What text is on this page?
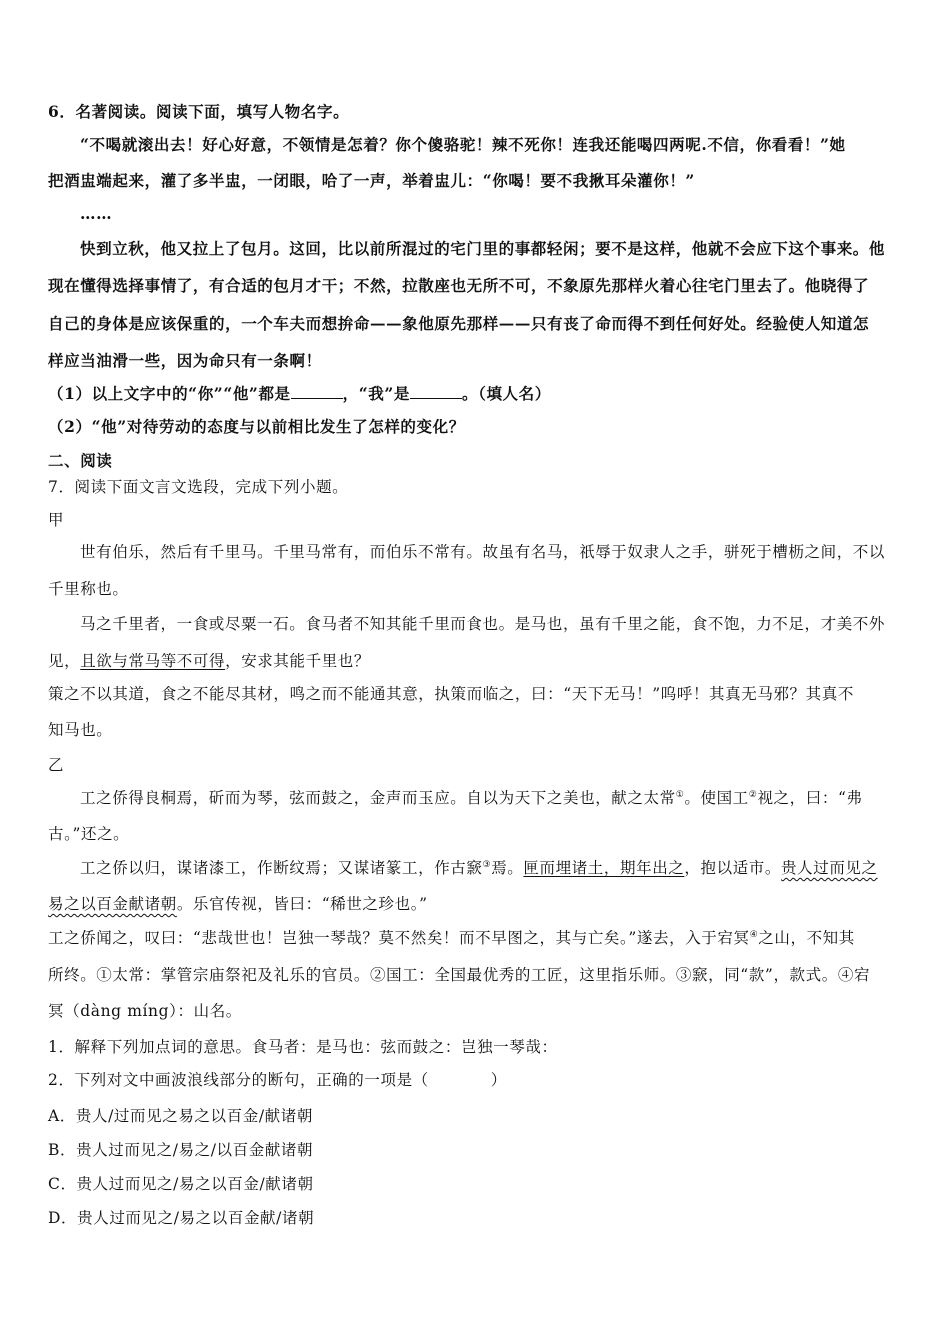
6．名著阅读。阅读下面，填写人物名字。
“不喝就滚出去！好心好意，不领情是怎着？你个傻骆驼！辣不死你！连我还能喝四两呢.不信，你看看！”她
把酒盅端起来，灌了多半盅，一闭眼，哈了一声，举着盅儿：“你喝！要不我揪耳朵灌你！”
……
快到立秋，他又拉上了包月。这回，比以前所混过的宅门里的事都轻闲；要不是这样，他就不会应下这个事来。他
现在懂得选择事情了，有合适的包月才干；不然，拉散座也无所不可，不象原先那样火着心往宅门里去了。他晓得了
自己的身体是应该保重的，一个车夫而想拚命——象他原先那样——只有丧了命而得不到任何好处。经验使人知道怎
样应当油滑一些，因为命只有一条啊！
（1）以上文字中的“你”“他”都是	，“我”是	。（填人名）
（2）“他”对待劳动的态度与以前相比发生了怎样的变化？
二、阅读
7．阅读下面文言文选段，完成下列小题。
甲
世有伯乐，然后有千里马。千里马常有，而伯乐不常有。故虽有名马，祇辱于奴隶人之手，骈死于槽枥之间，不以
千里称也。
马之千里者，一食或尽粟一石。食马者不知其能千里而食也。是马也，虽有千里之能，食不饱，力不足，才美不外
见，且欲与常马等不可得，安求其能千里也？
策之不以其道，食之不能尽其材，鸣之而不能通其意，执策而临之，曰：“天下无马！”呜呼！其真无马邪？其真不
知马也。
乙
工之侨得良桐焉，斫而为琴，弦而鼓之，金声而玉应。自以为天下之美也，献之太常①。使国工②视之，曰：“弗
古。”还之。
工之侨以归，谋诸漆工，作断纹焉；又谋诸篆工，作古窾③焉。匣而埋诸土，期年出之，抱以适市。贵人过而见之
易之以百金献诸朝。乐官传视，皆曰：“稀世之珍也。”
工之侨闻之，叹曰：“悲哉世也！岂独一琴哉？莫不然矣！而不早图之，其与亡矣。”遂去，入于宕冥④之山，不知其
所终。①太常：掌管宗庙祭祀及礼乐的官员。②国工：全国最优秀的工匠，这里指乐师。③窾，同“款”，款式。④宕
冥（dàng míng）：山名。
1．解释下列加点词的意思。食马者：是马也：弦而鼓之：岂独一琴哉：
2．下列对文中画波浪线部分的断句，正确的一项是（	）
A．贵人/过而见之易之以百金/献诸朝
B．贵人过而见之/易之/以百金献诸朝
C．贵人过而见之/易之以百金/献诸朝
D．贵人过而见之/易之以百金献/诸朝
